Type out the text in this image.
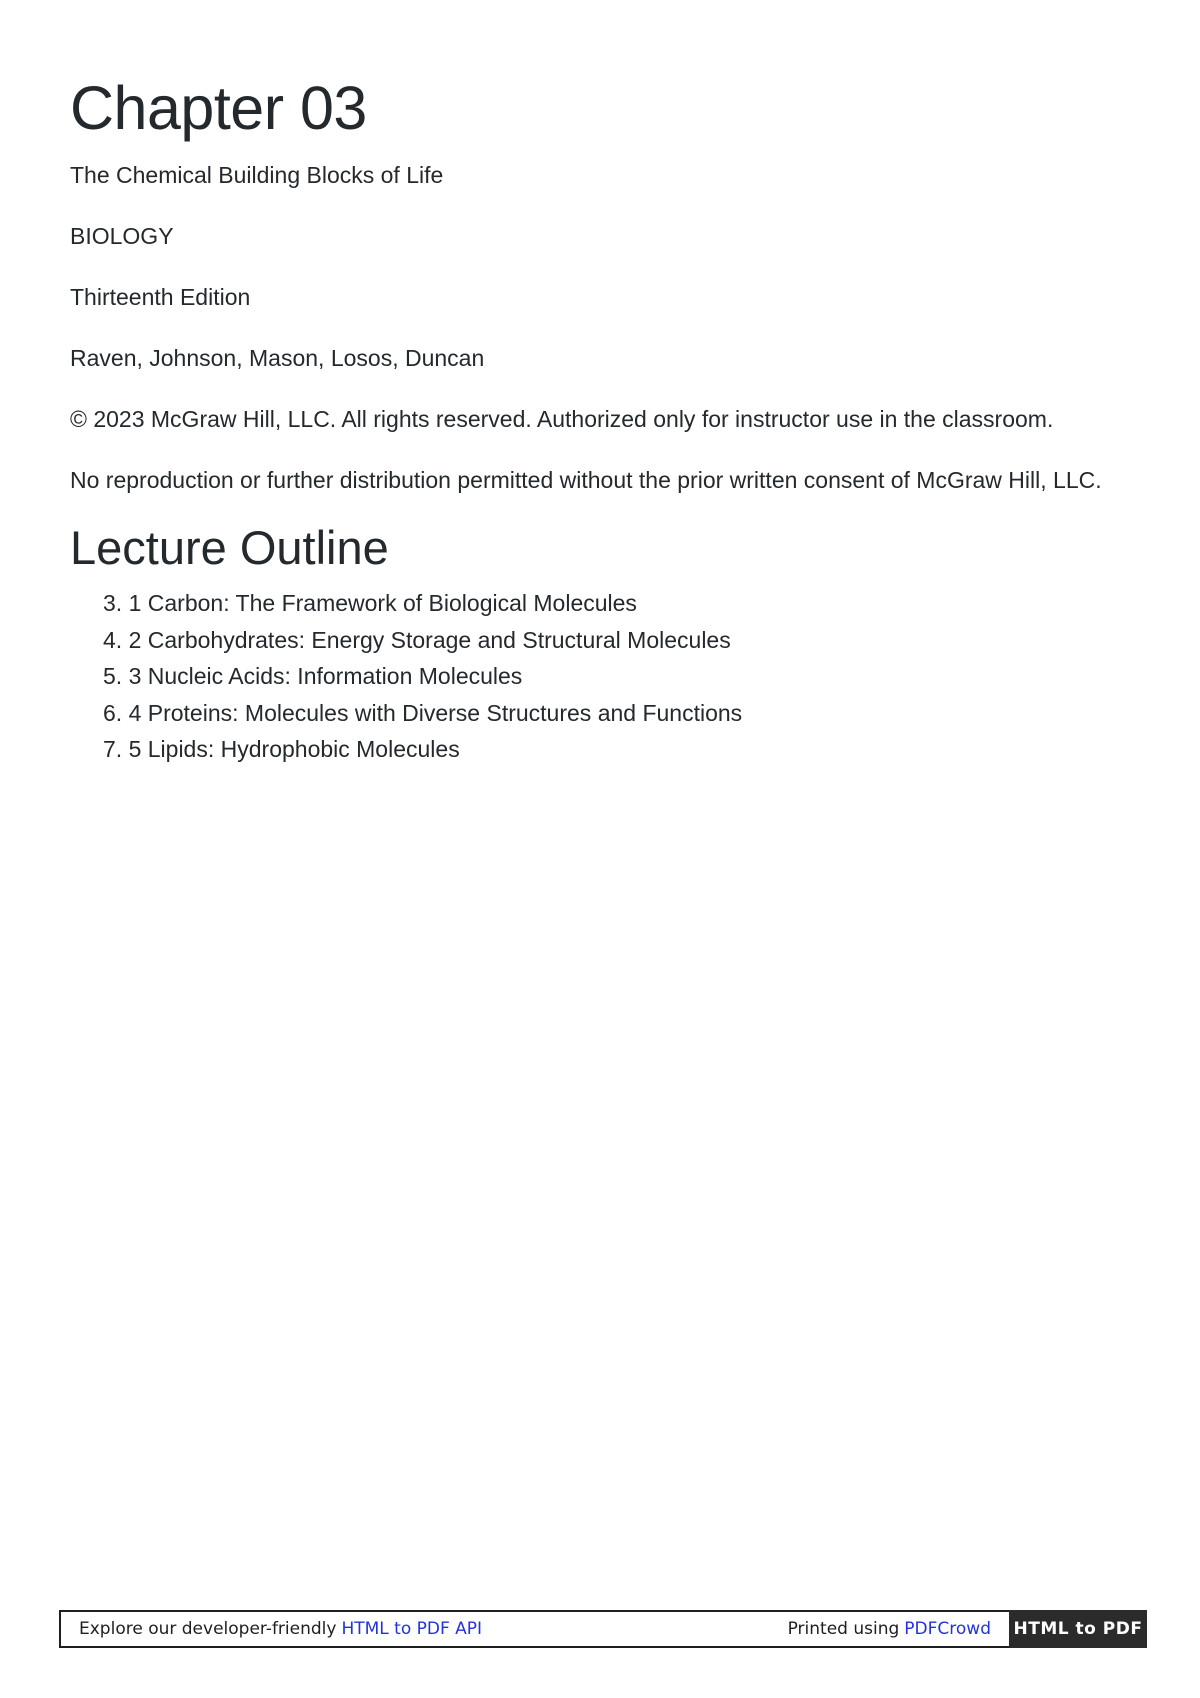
Chapter 03

The Chemical Building Blocks of Life

BIOLOGY

Thirteenth Edition

Raven, Johnson, Mason, Losos, Duncan

© 2023 McGraw Hill, LLC. All rights reserved. Authorized only for instructor use in the classroom.

No reproduction or further distribution permitted without the prior written consent of McGraw Hill, LLC.

Lecture Outline
3. 1 Carbon: The Framework of Biological Molecules
4. 2 Carbohydrates: Energy Storage and Structural Molecules
5. 3 Nucleic Acids: Information Molecules
6. 4 Proteins: Molecules with Diverse Structures and Functions
7. 5 Lipids: Hydrophobic Molecules
Explore our developer-friendly HTML to PDF API	Printed using PDFCrowd HTML to PDF
